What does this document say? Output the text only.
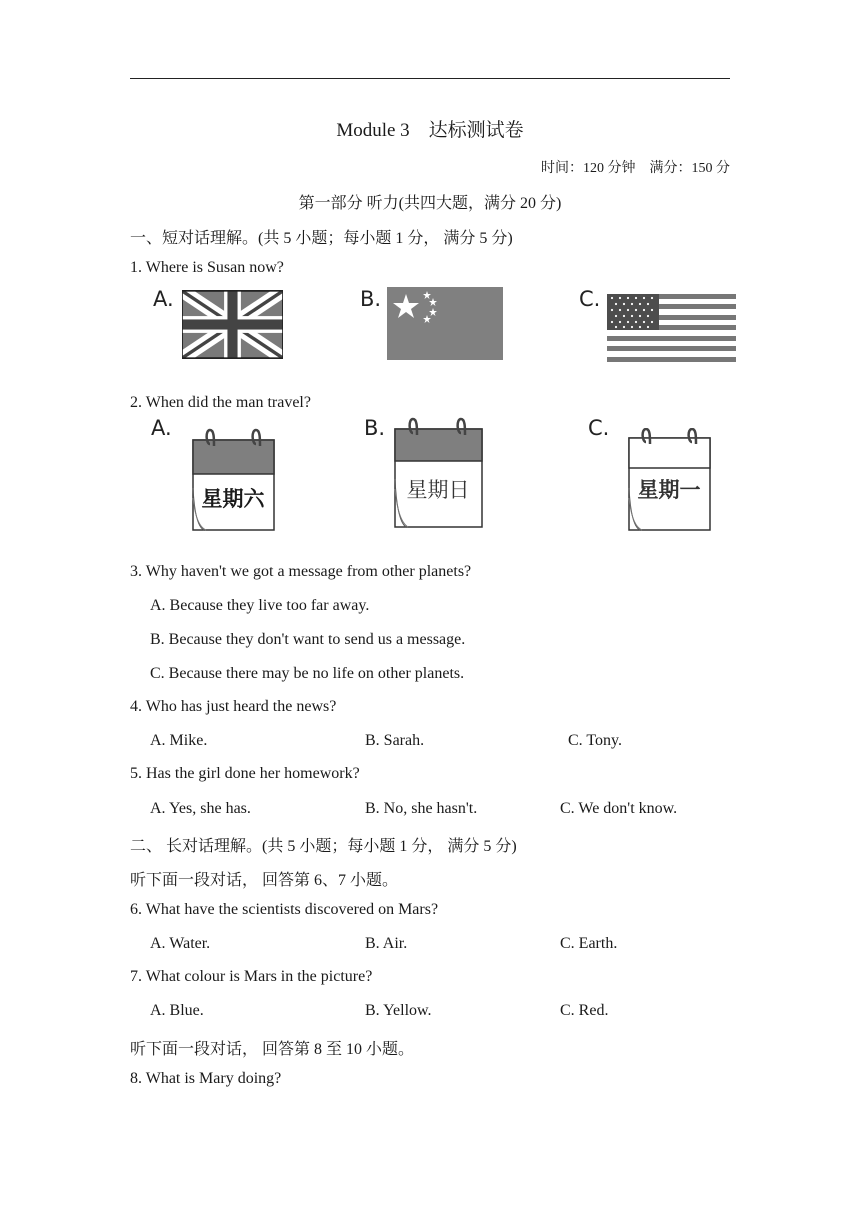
Module 3　达标测试卷
时间：120 分钟　满分：150 分
第一部分 听力(共四大题，满分 20 分)
一、短对话理解。(共 5 小题；每小题 1 分， 满分 5 分)
1. Where is Susan now?
A.	B.	C.
2. When did the man travel?
A.
星期六
B.
星期日
C.
星期一
3. Why haven't we got a message from other planets?
A. Because they live too far away.
B. Because they don't want to send us a message.
C. Because there may be no life on other planets.
4. Who has just heard the news?
A. Mike.	B. Sarah.	C. Tony.
5. Has the girl done her homework?
A. Yes, she has.	B. No, she hasn't.	C. We don't know.
二、 长对话理解。(共 5 小题；每小题 1 分， 满分 5 分)
听下面一段对话， 回答第 6、7 小题。
6. What have the scientists discovered on Mars?
A. Water.	B. Air.	C. Earth.
7. What colour is Mars in the picture?
A. Blue.	B. Yellow.	C. Red.
听下面一段对话， 回答第 8 至 10 小题。
8. What is Mary doing?
